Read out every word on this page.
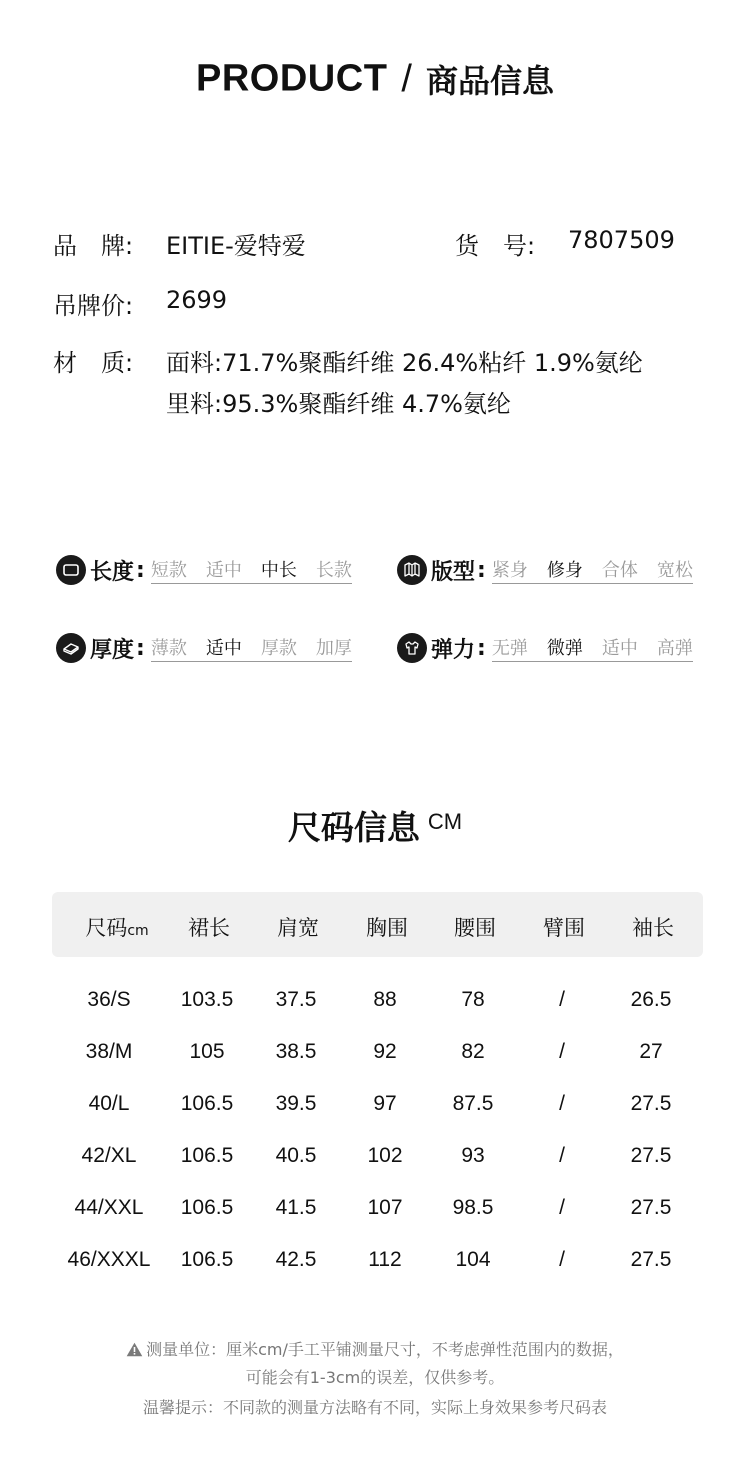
PRODUCT / 商品信息
品　牌: EITIE-爱特爱	货　号: 7807509
吊牌价: 2699
材　质: 面料:71.7%聚酯纤维 26.4%粘纤 1.9%氨纶
里料:95.3%聚酯纤维 4.7%氨纶
长度 : 短款 适中 中长 长款	版型 : 紧身 修身 合体 宽松
厚度 : 薄款 适中 厚款 加厚	弹力 : 无弹 微弹 适中 高弹
尺码信息 CM
尺码cm	裙长	肩宽	胸围	腰围	臂围	袖长
36/S	103.5	37.5	88	78	/	26.5
38/M	105	38.5	92	82	/	27
40/L	106.5	39.5	97	87.5	/	27.5
42/XL	106.5	40.5	102	93	/	27.5
44/XXL	106.5	41.5	107	98.5	/	27.5
46/XXXL	106.5	42.5	112	104	/	27.5
测量单位：厘米cm/手工平铺测量尺寸，不考虑弹性范围内的数据，
可能会有1-3cm的误差，仅供参考。
温馨提示：不同款的测量方法略有不同，实际上身效果参考尺码表
